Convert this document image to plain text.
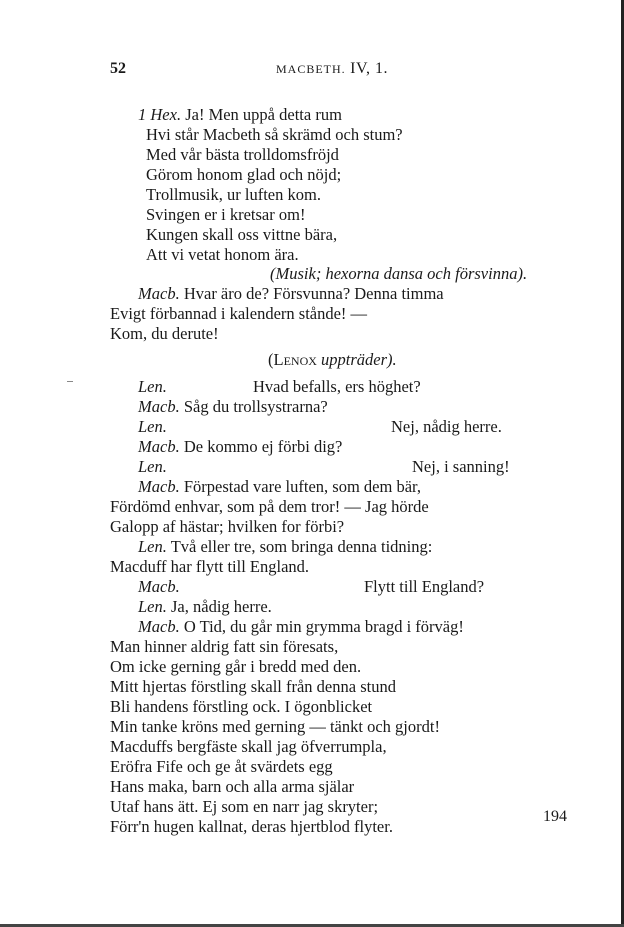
52	MACBETH. IV, 1.
1 Hex. Ja! Men uppå detta rum
Hvi står Macbeth så skrämd och stum?
Med vår bästa trolldomsfröjd
Görom honom glad och nöjd;
Trollmusik, ur luften kom.
Svingen er i kretsar om!
Kungen skall oss vittne bära,
Att vi vetat honom ära.
(Musik; hexorna dansa och försvinna).
Macb. Hvar äro de? Försvunna? Denna timma
Evigt förbannad i kalendern stånde! —
Kom, du derute!
(Lenox uppträder).
Len.	Hvad befalls, ers höghet?
Macb. Såg du trollsystrarna?
Len.	Nej, nådig herre.
Macb. De kommo ej förbi dig?
Len.	Nej, i sanning!
Macb. Förpestad vare luften, som dem bär,
Fördömd enhvar, som på dem tror! — Jag hörde
Galopp af hästar; hvilken for förbi?
Len. Två eller tre, som bringa denna tidning:
Macduff har flytt till England.
Macb.	Flytt till England?
Len. Ja, nådig herre.
Macb. O Tid, du går min grymma bragd i förväg!
Man hinner aldrig fatt sin föresats,
Om icke gerning går i bredd med den.
Mitt hjertas förstling skall från denna stund
Bli handens förstling ock. I ögonblicket
Min tanke kröns med gerning — tänkt och gjordt!
Macduffs bergfäste skall jag öfverrumpla,
Eröfra Fife och ge åt svärdets egg
Hans maka, barn och alla arma själar
Utaf hans ätt. Ej som en narr jag skryter;
Förr'n hugen kallnat, deras hjertblod flyter.
194
